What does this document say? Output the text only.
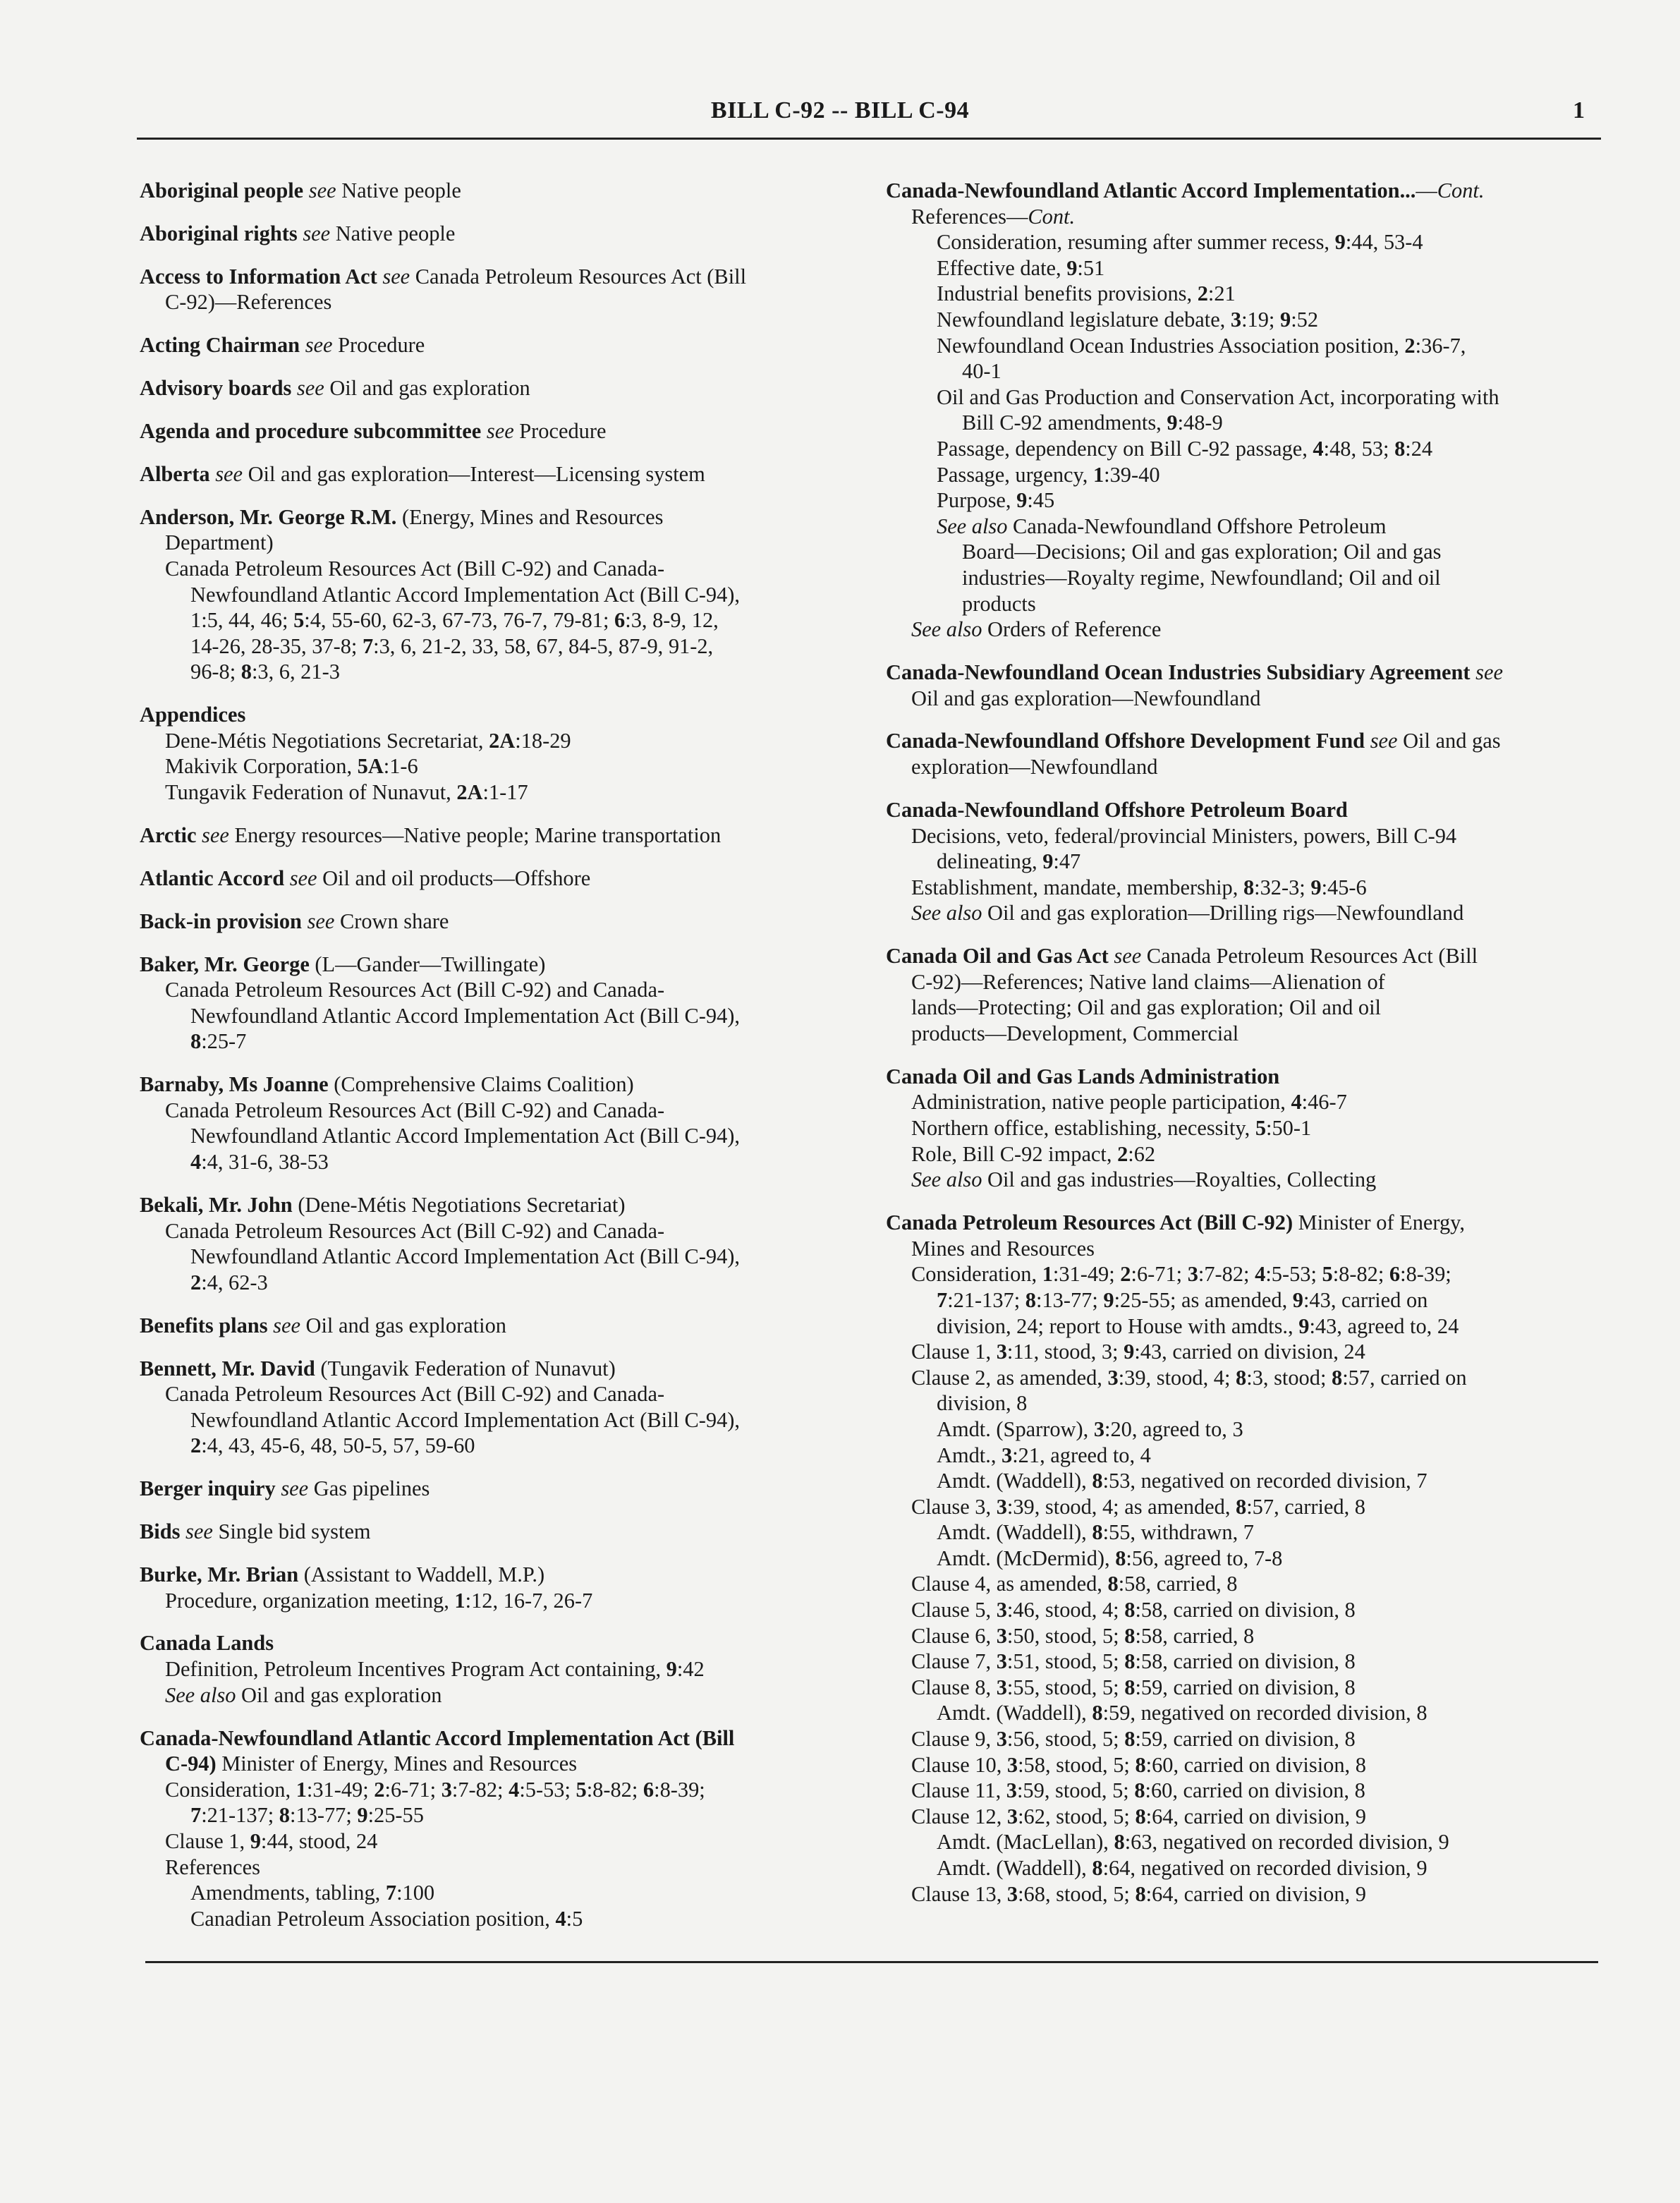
BILL C-92 -- BILL C-94	1
Aboriginal people see Native people
Aboriginal rights see Native people
Access to Information Act see Canada Petroleum Resources Act (Bill
C-92)—References
Acting Chairman see Procedure
Advisory boards see Oil and gas exploration
Agenda and procedure subcommittee see Procedure
Alberta see Oil and gas exploration—Interest—Licensing system
Anderson, Mr. George R.M. (Energy, Mines and Resources
Department)
Canada Petroleum Resources Act (Bill C-92) and Canada-
Newfoundland Atlantic Accord Implementation Act (Bill C-94),
1:5, 44, 46; 5:4, 55-60, 62-3, 67-73, 76-7, 79-81; 6:3, 8-9, 12,
14-26, 28-35, 37-8; 7:3, 6, 21-2, 33, 58, 67, 84-5, 87-9, 91-2,
96-8; 8:3, 6, 21-3
Appendices
Dene-Métis Negotiations Secretariat, 2A:18-29
Makivik Corporation, 5A:1-6
Tungavik Federation of Nunavut, 2A:1-17
Arctic see Energy resources—Native people; Marine transportation
Atlantic Accord see Oil and oil products—Offshore
Back-in provision see Crown share
Baker, Mr. George (L—Gander—Twillingate)
Canada Petroleum Resources Act (Bill C-92) and Canada-
Newfoundland Atlantic Accord Implementation Act (Bill C-94),
8:25-7
Barnaby, Ms Joanne (Comprehensive Claims Coalition)
Canada Petroleum Resources Act (Bill C-92) and Canada-
Newfoundland Atlantic Accord Implementation Act (Bill C-94),
4:4, 31-6, 38-53
Bekali, Mr. John (Dene-Métis Negotiations Secretariat)
Canada Petroleum Resources Act (Bill C-92) and Canada-
Newfoundland Atlantic Accord Implementation Act (Bill C-94),
2:4, 62-3
Benefits plans see Oil and gas exploration
Bennett, Mr. David (Tungavik Federation of Nunavut)
Canada Petroleum Resources Act (Bill C-92) and Canada-
Newfoundland Atlantic Accord Implementation Act (Bill C-94),
2:4, 43, 45-6, 48, 50-5, 57, 59-60
Berger inquiry see Gas pipelines
Bids see Single bid system
Burke, Mr. Brian (Assistant to Waddell, M.P.)
Procedure, organization meeting, 1:12, 16-7, 26-7
Canada Lands
Definition, Petroleum Incentives Program Act containing, 9:42
See also Oil and gas exploration
Canada-Newfoundland Atlantic Accord Implementation Act (Bill
C-94) Minister of Energy, Mines and Resources
Consideration, 1:31-49; 2:6-71; 3:7-82; 4:5-53; 5:8-82; 6:8-39;
7:21-137; 8:13-77; 9:25-55
Clause 1, 9:44, stood, 24
References
Amendments, tabling, 7:100
Canadian Petroleum Association position, 4:5
Canada-Newfoundland Atlantic Accord Implementation...—Cont.
References—Cont.
Consideration, resuming after summer recess, 9:44, 53-4
Effective date, 9:51
Industrial benefits provisions, 2:21
Newfoundland legislature debate, 3:19; 9:52
Newfoundland Ocean Industries Association position, 2:36-7,
40-1
Oil and Gas Production and Conservation Act, incorporating with
Bill C-92 amendments, 9:48-9
Passage, dependency on Bill C-92 passage, 4:48, 53; 8:24
Passage, urgency, 1:39-40
Purpose, 9:45
See also Canada-Newfoundland Offshore Petroleum
Board—Decisions; Oil and gas exploration; Oil and gas
industries—Royalty regime, Newfoundland; Oil and oil
products
See also Orders of Reference
Canada-Newfoundland Ocean Industries Subsidiary Agreement see
Oil and gas exploration—Newfoundland
Canada-Newfoundland Offshore Development Fund see Oil and gas
exploration—Newfoundland
Canada-Newfoundland Offshore Petroleum Board
Decisions, veto, federal/provincial Ministers, powers, Bill C-94
delineating, 9:47
Establishment, mandate, membership, 8:32-3; 9:45-6
See also Oil and gas exploration—Drilling rigs—Newfoundland
Canada Oil and Gas Act see Canada Petroleum Resources Act (Bill
C-92)—References; Native land claims—Alienation of
lands—Protecting; Oil and gas exploration; Oil and oil
products—Development, Commercial
Canada Oil and Gas Lands Administration
Administration, native people participation, 4:46-7
Northern office, establishing, necessity, 5:50-1
Role, Bill C-92 impact, 2:62
See also Oil and gas industries—Royalties, Collecting
Canada Petroleum Resources Act (Bill C-92) Minister of Energy,
Mines and Resources
Consideration, 1:31-49; 2:6-71; 3:7-82; 4:5-53; 5:8-82; 6:8-39;
7:21-137; 8:13-77; 9:25-55; as amended, 9:43, carried on
division, 24; report to House with amdts., 9:43, agreed to, 24
Clause 1, 3:11, stood, 3; 9:43, carried on division, 24
Clause 2, as amended, 3:39, stood, 4; 8:3, stood; 8:57, carried on
division, 8
Amdt. (Sparrow), 3:20, agreed to, 3
Amdt., 3:21, agreed to, 4
Amdt. (Waddell), 8:53, negatived on recorded division, 7
Clause 3, 3:39, stood, 4; as amended, 8:57, carried, 8
Amdt. (Waddell), 8:55, withdrawn, 7
Amdt. (McDermid), 8:56, agreed to, 7-8
Clause 4, as amended, 8:58, carried, 8
Clause 5, 3:46, stood, 4; 8:58, carried on division, 8
Clause 6, 3:50, stood, 5; 8:58, carried, 8
Clause 7, 3:51, stood, 5; 8:58, carried on division, 8
Clause 8, 3:55, stood, 5; 8:59, carried on division, 8
Amdt. (Waddell), 8:59, negatived on recorded division, 8
Clause 9, 3:56, stood, 5; 8:59, carried on division, 8
Clause 10, 3:58, stood, 5; 8:60, carried on division, 8
Clause 11, 3:59, stood, 5; 8:60, carried on division, 8
Clause 12, 3:62, stood, 5; 8:64, carried on division, 9
Amdt. (MacLellan), 8:63, negatived on recorded division, 9
Amdt. (Waddell), 8:64, negatived on recorded division, 9
Clause 13, 3:68, stood, 5; 8:64, carried on division, 9
